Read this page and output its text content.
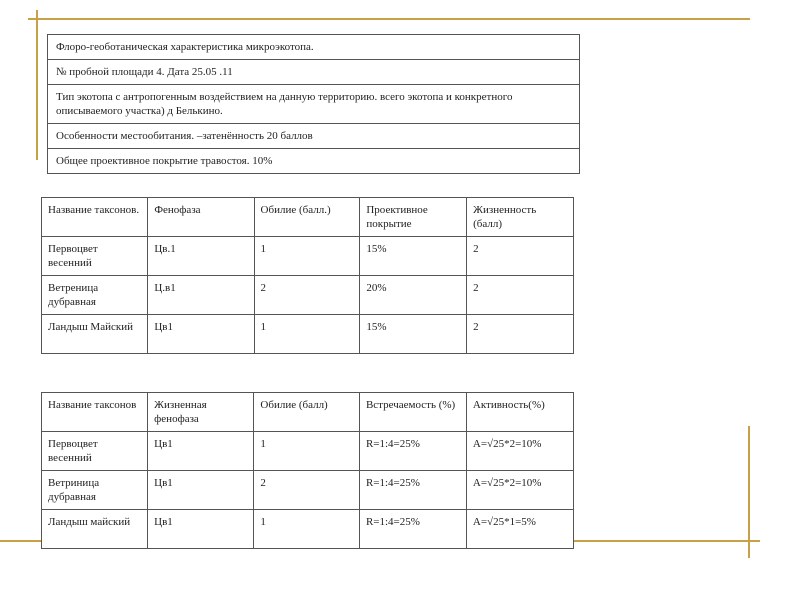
Флоро-геоботаническая характеристика микроэкотопа.
№ пробной площади 4. Дата 25.05 .11
Тип экотопа с антропогенным воздействием на данную территорию. всего экотопа и конкретного описываемого участка) д Белькино.
Особенности местообитания. –затенённость 20 баллов
Общее проективное покрытие травостоя. 10%
Название таксонов.	Фенофаза	Обилие (балл.)	Проективное покрытие	Жизненность (балл)
Первоцвет весенний	Цв.1	1	15%	2
Ветреница дубравная	Ц.в1	2	20%	2
Ландыш Майский	Цв1	1	15%	2
Название таксонов	Жизненная фенофаза	Обилие (балл)	Встречаемость (%)	Активность(%)
Первоцвет весенний	Цв1	1	R=1:4=25%	A=√25*2=10%
Ветриница дубравная	Цв1	2	R=1:4=25%	A=√25*2=10%
Ландыш майский	Цв1	1	R=1:4=25%	A=√25*1=5%
